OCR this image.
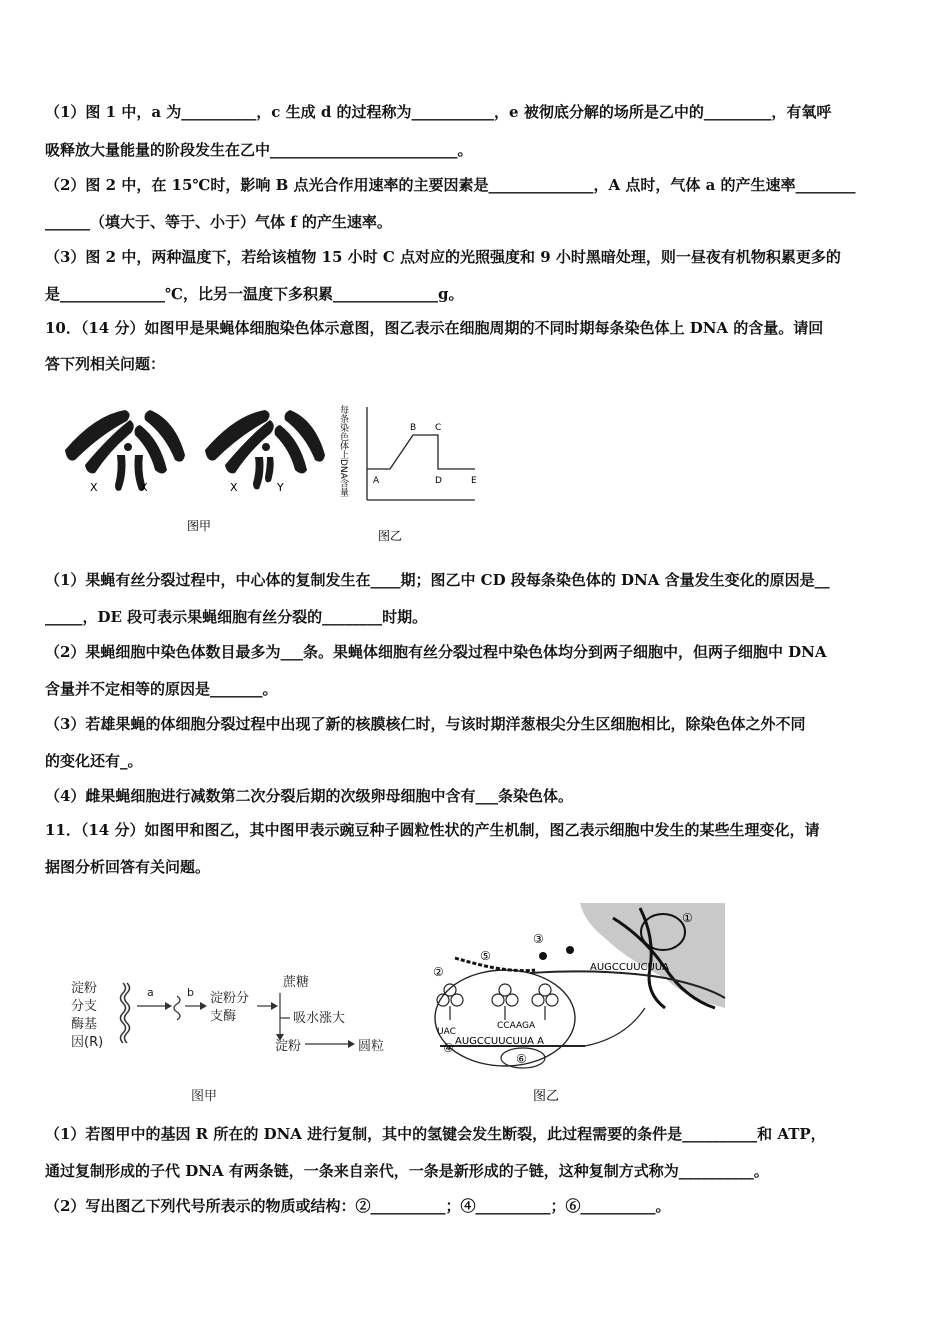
（1）图 1 中，a 为__________，c 生成 d 的过程称为___________，e 被彻底分解的场所是乙中的_________，有氧呼
吸释放大量能量的阶段发生在乙中_________________________。
（2）图 2 中，在 15℃时，影响 B 点光合作用速率的主要因素是______________，A 点时，气体 a 的产生速率________
______（填大于、等于、小于）气体 f 的产生速率。
（3）图 2 中，两种温度下，若给该植物 15 小时 C 点对应的光照强度和 9 小时黑暗处理，则一昼夜有机物积累更多的
是______________℃，比另一温度下多积累______________g。
10．（14 分）如图甲是果蝇体细胞染色体示意图，图乙表示在细胞周期的不同时期每条染色体上 DNA 的含量。请回
答下列相关问题：
X	X	X	Y
图甲
每条染色体上DNA含量	A
B C
D	E
图乙
（1）果蝇有丝分裂过程中，中心体的复制发生在____期；图乙中 CD 段每条染色体的 DNA 含量发生变化的原因是__
_____，DE 段可表示果蝇细胞有丝分裂的________时期。
（2）果蝇细胞中染色体数目最多为___条。果蝇体细胞有丝分裂过程中染色体均分到两子细胞中，但两子细胞中 DNA
含量并不定相等的原因是_______。
（3）若雄果蝇的体细胞分裂过程中出现了新的核膜核仁时，与该时期洋葱根尖分生区细胞相比，除染色体之外不同
的变化还有_。
（4）雌果蝇细胞进行减数第二次分裂后期的次级卵母细胞中含有___条染色体。
11．（14 分）如图甲和图乙，其中图甲表示豌豆种子圆粒性状的产生机制，图乙表示细胞中发生的某些生理变化，请
据图分析回答有关问题。
淀粉
分支
酶基
因(R)
a	b 淀粉分
支酶
蔗糖
吸水涨大
淀粉	圆粒
图甲
①
AUGCCUUCUUA
②
③
⑤
UAC
CCAAGA
AUGCCUUCUUA A
④
⑥
图乙
（1）若图甲中的基因 R 所在的 DNA 进行复制，其中的氢键会发生断裂，此过程需要的条件是__________和 ATP，
通过复制形成的子代 DNA 有两条链，一条来自亲代，一条是新形成的子链，这种复制方式称为__________。
（2）写出图乙下列代号所表示的物质或结构：②__________；④__________；⑥__________。
